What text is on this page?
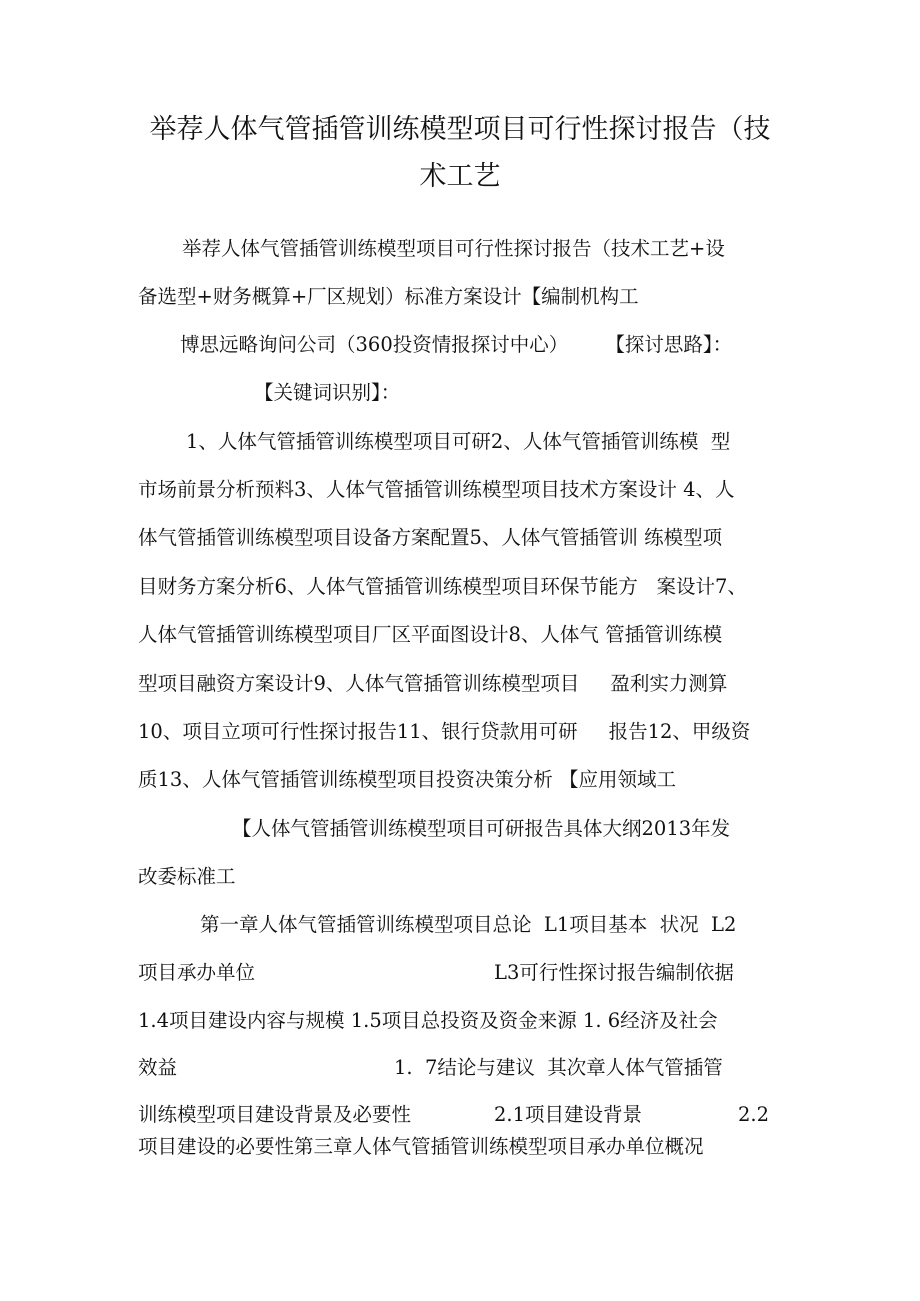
举荐人体气管插管训练模型项目可行性探讨报告（技
术工艺
举荐人体气管插管训练模型项目可行性探讨报告（技术工艺+设
备选型+财务概算+厂区规划）标准方案设计【编制机构工
博思远略询问公司（360投资情报探讨中心）      【探讨思路】：
【关键词识别】：
1、人体气管插管训练模型项目可研2、人体气管插管训练模  型
市场前景分析预料3、人体气管插管训练模型项目技术方案设计 4、人
体气管插管训练模型项目设备方案配置5、人体气管插管训 练模型项
目财务方案分析6、人体气管插管训练模型项目环保节能方   案设计7、
人体气管插管训练模型项目厂区平面图设计8、人体气 管插管训练模
型项目融资方案设计9、人体气管插管训练模型项目     盈利实力测算
10、项目立项可行性探讨报告11、银行贷款用可研     报告12、甲级资
质13、人体气管插管训练模型项目投资决策分析 【应用领域工
【人体气管插管训练模型项目可研报告具体大纲2013年发
改委标准工
第一章人体气管插管训练模型项目总论  L1项目基本  状况  L2
项目承办单位	L3可行性探讨报告编制依据
1.4项目建设内容与规模 1.5项目总投资及资金来源 1. 6经济及社会
效益	1.  7结论与建议  其次章人体气管插管
训练模型项目建设背景及必要性	2.1项目建设背景	2.2
项目建设的必要性第三章人体气管插管训练模型项目承办单位概况
